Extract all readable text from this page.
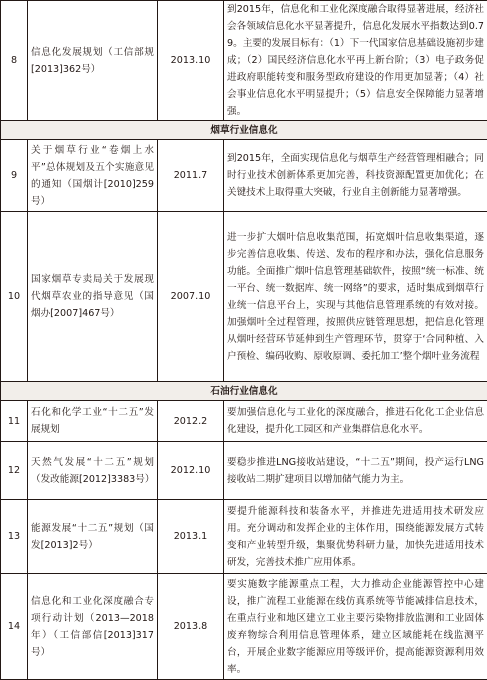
8	信息化发展规划（工信部规[2013]362号）	2013.10	到2015年，信息化和工业化深度融合取得显著进展，经济社会各领域信息化水平显著提升，信息化发展水平指数达到0.79。主要的发展目标有：（1）下一代国家信息基础设施初步建成；（2）国民经济信息化水平再上新台阶；（3）电子政务促进政府职能转变和服务型政府建设的作用更加显著；（4）社会事业信息化水平明显提升；（5）信息安全保障能力显著增强。
烟草行业信息化			
9	关于烟草行业“卷烟上水平”总体规划及五个实施意见的通知（国烟计[2010]259号）	2011.7	到2015年，全面实现信息化与烟草生产经营管理相融合；同时行业技术创新体系更加完善，科技资源配置更加优化；在关键技术上取得重大突破，行业自主创新能力显著增强。
10	国家烟草专卖局关于发展现代烟草农业的指导意见（国烟办[2007]467号）	2007.10	进一步扩大烟叶信息收集范围，拓宽烟叶信息收集渠道，逐步完善信息收集、传送、发布的程序和办法，强化信息服务功能。全面推广烟叶信息管理基础软件，按照“统一标准、统一平台、统一数据库、统一网络”的要求，适时集成到烟草行业统一信息平台上，实现与其他信息管理系统的有效对接。加强烟叶全过程管理，按照供应链管理思想，把信息化管理从烟叶经营环节延伸到生产管理环节，贯穿于‘合同种植、入户预检、编码收购、原收原调、委托加工’整个烟叶业务流程
石油行业信息化			
11	石化和化学工业“十二五”发展规划	2012.2	要加强信息化与工业化的深度融合，推进石化化工企业信息化建设，提升化工园区和产业集群信息化水平。
12	天然气发展“十二五”规划（发改能源[2012]3383号）	2012.10	要稳步推进LNG接收站建设，“十二五”期间，投产运行LNG接收站二期扩建项目以增加储气能力为主。
13	能源发展“十二五”规划（国发[2013]2号）	2013.1	要提升能源科技和装备水平，并推进先进适用技术研发应用。充分调动和发挥企业的主体作用，围绕能源发展方式转变和产业转型升级，集聚优势科研力量，加快先进适用技术研发，完善技术推广应用体系。
14	信息化和工业化深度融合专项行动计划（2013—2018年）（工信部信[2013]317号）	2013.8	要实施数字能源重点工程，大力推动企业能源管控中心建设，推广流程工业能源在线仿真系统等节能减排信息技术，在重点行业和地区建立工业主要污染物排放监测和工业固体废弃物综合利用信息管理体系，建立区域能耗在线监测平台，开展企业数字能源应用等级评价，提高能源资源利用效率。
